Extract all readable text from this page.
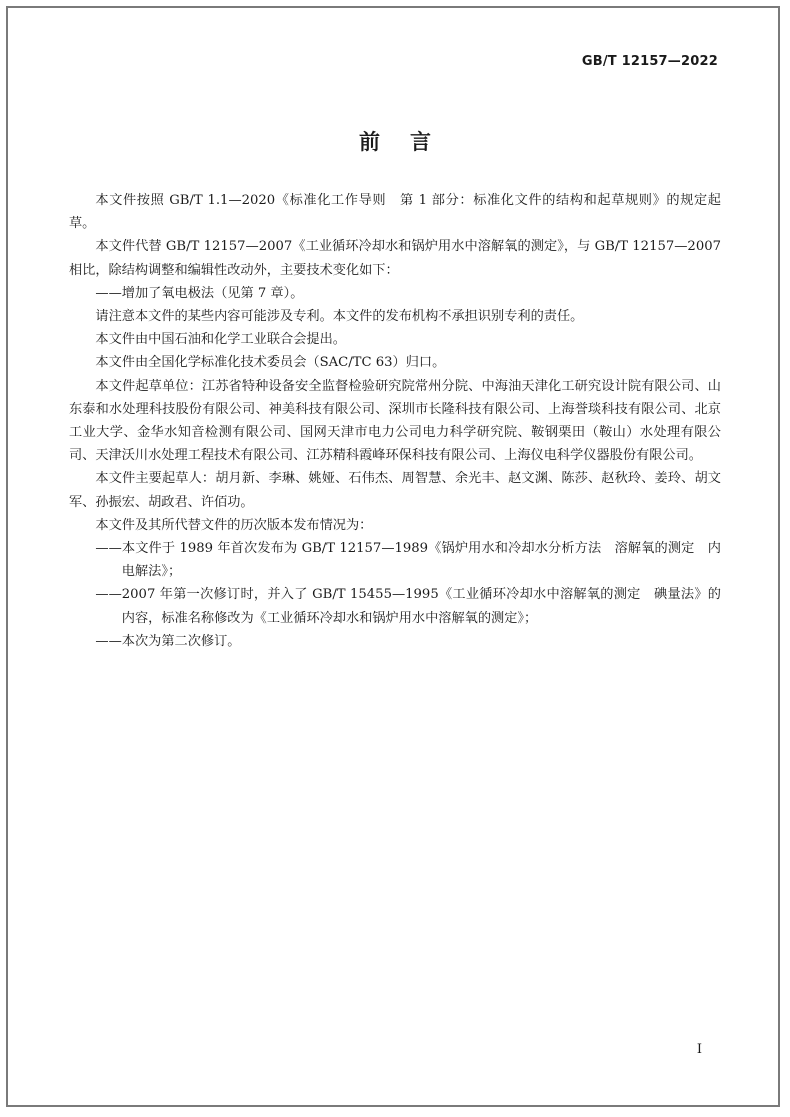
GB/T 12157—2022
前言

本文件按照 GB/T 1.1—2020《标准化工作导则　第 1 部分：标准化文件的结构和起草规则》的规定起草。

本文件代替 GB/T 12157—2007《工业循环冷却水和锅炉用水中溶解氧的测定》，与 GB/T 12157—2007 相比，除结构调整和编辑性改动外，主要技术变化如下：

——增加了氧电极法（见第 7 章）。

请注意本文件的某些内容可能涉及专利。本文件的发布机构不承担识别专利的责任。

本文件由中国石油和化学工业联合会提出。

本文件由全国化学标准化技术委员会（SAC/TC 63）归口。

本文件起草单位：江苏省特种设备安全监督检验研究院常州分院、中海油天津化工研究设计院有限公司、山东泰和水处理科技股份有限公司、神美科技有限公司、深圳市长隆科技有限公司、上海誉琰科技有限公司、北京工业大学、金华水知音检测有限公司、国网天津市电力公司电力科学研究院、鞍钢栗田（鞍山）水处理有限公司、天津沃川水处理工程技术有限公司、江苏精科霞峰环保科技有限公司、上海仪电科学仪器股份有限公司。

本文件主要起草人：胡月新、李琳、姚娅、石伟杰、周智慧、余光丰、赵文渊、陈莎、赵秋玲、姜玲、胡文军、孙振宏、胡政君、许佰功。

本文件及其所代替文件的历次版本发布情况为：

——本文件于 1989 年首次发布为 GB/T 12157—1989《锅炉用水和冷却水分析方法　溶解氧的测定　内电解法》；

——2007 年第一次修订时，并入了 GB/T 15455—1995《工业循环冷却水中溶解氧的测定　碘量法》的内容，标准名称修改为《工业循环冷却水和锅炉用水中溶解氧的测定》；

——本次为第二次修订。

I
